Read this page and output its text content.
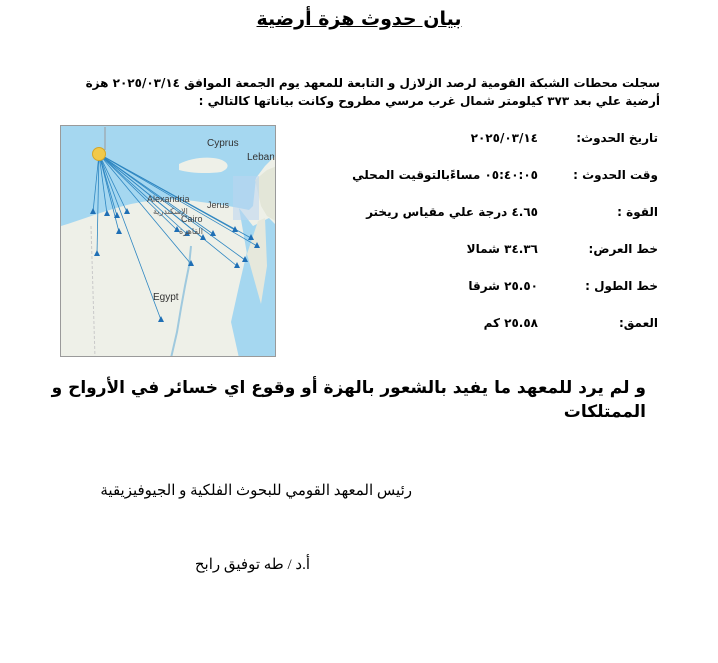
بيان حدوث هزة أرضية
سجلت محطات الشبكة القومية لرصد الزلازل و التابعة للمعهد يوم الجمعة الموافق ٢٠٢٥/٠٣/١٤ هزة أرضية علي بعد ٣٧٣ كيلومتر شمال غرب مرسي مطروح وكانت بياناتها كالتالي :
تاريخ الحدوث:
٢٠٢٥/٠٣/١٤
وقت الحدوث :
٠٥:٤٠:٠٥ مساءًبالتوقيت المحلي
القوة :
٤.٦٥ درجة علي مقياس ريختر
خط العرض:
٣٤.٣٦ شمالا
خط الطول :
٢٥.٥٠ شرقا
العمق:
٢٥.٥٨ كم
Cyprus
Leban
Alexandria
الإسكندرية
Jerus
Cairo
القاهرة
Egypt
و لم يرد للمعهد ما يفيد بالشعور بالهزة أو وقوع اي خسائر في الأرواح و الممتلكات
رئيس المعهد القومي للبحوث الفلكية و الجيوفيزيقية
أ.د / طه توفيق رابح
